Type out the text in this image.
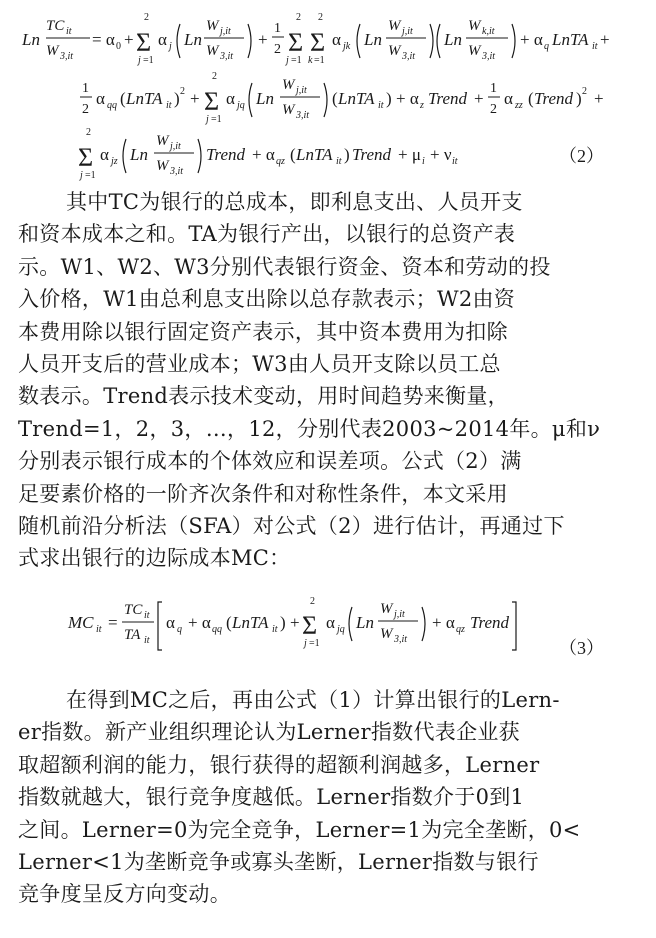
Ln
TC it
W 3,it
= α 0 +
2
Σ
j =1
α j Ln
W j,it
W 3,it
+
1
2
2
Σ
j =1
2
Σ
k =1
α jk Ln
W j,it
W 3,it
Ln
W k,it
W 3,it
+ α q LnTA it +
1
2
α qq ( LnTA it ) 2 +
2
Σ
j =1
α jq Ln
W j,it
W 3,it
( LnTA it ) + α z Trend +
1
2
α zz ( Trend ) 2 +
2
Σ
j =1
α jz Ln
W j,it
W 3,it
Trend + α qz ( LnTA it ) Trend + μ i + ν it	（2）
其中TC为银行的总成本，即利息支出、人员开支
和资本成本之和。TA为银行产出，以银行的总资产表
示。W1、W2、W3分别代表银行资金、资本和劳动的投
入价格，W1由总利息支出除以总存款表示；W2由资
本费用除以银行固定资产表示，其中资本费用为扣除
人员开支后的营业成本；W3由人员开支除以员工总
数表示。Trend表示技术变动，用时间趋势来衡量，
Trend=1，2，3，…，12，分别代表2003~2014年。μ和ν
分别表示银行成本的个体效应和误差项。公式（2）满
足要素价格的一阶齐次条件和对称性条件，本文采用
随机前沿分析法（SFA）对公式（2）进行估计，再通过下
式求出银行的边际成本MC：
MC it =
TC it
TA it
α q + α qq ( LnTA it ) +
2
Σ
j =1
α jq Ln
W j,it
W 3,it
+ α qz Trend
（3）
在得到MC之后，再由公式（1）计算出银行的Lern-
er指数。新产业组织理论认为Lerner指数代表企业获
取超额利润的能力，银行获得的超额利润越多，Lerner
指数就越大，银行竞争度越低。Lerner指数介于0到1
之间。Lerner=0为完全竞争，Lerner=1为完全垄断，0<
Lerner<1为垄断竞争或寡头垄断，Lerner指数与银行
竞争度呈反方向变动。
